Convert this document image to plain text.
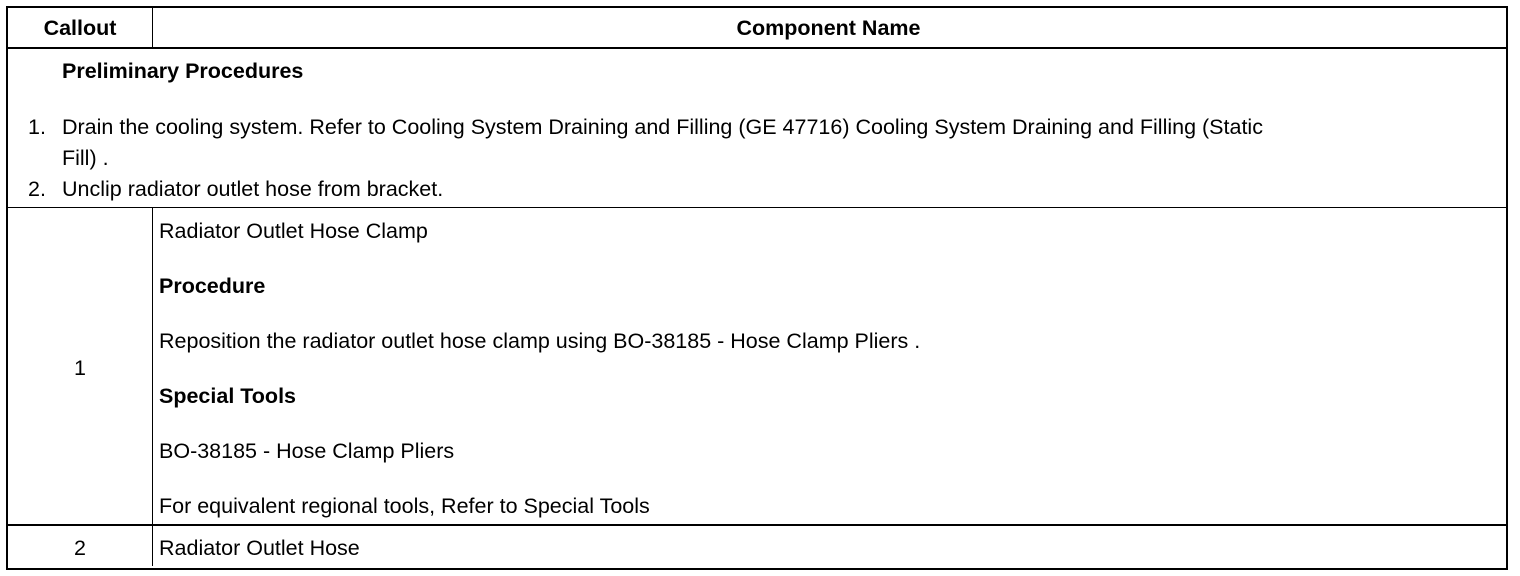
Callout	Component Name
Preliminary Procedures
1. Drain the cooling system. Refer to Cooling System Draining and Filling (GE 47716) Cooling System Draining and Filling (Static
Fill) .
2. Unclip radiator outlet hose from bracket.
1
Radiator Outlet Hose Clamp
Procedure
Reposition the radiator outlet hose clamp using BO-38185 - Hose Clamp Pliers .
Special Tools
BO-38185 - Hose Clamp Pliers
For equivalent regional tools, Refer to Special Tools
2	Radiator Outlet Hose
